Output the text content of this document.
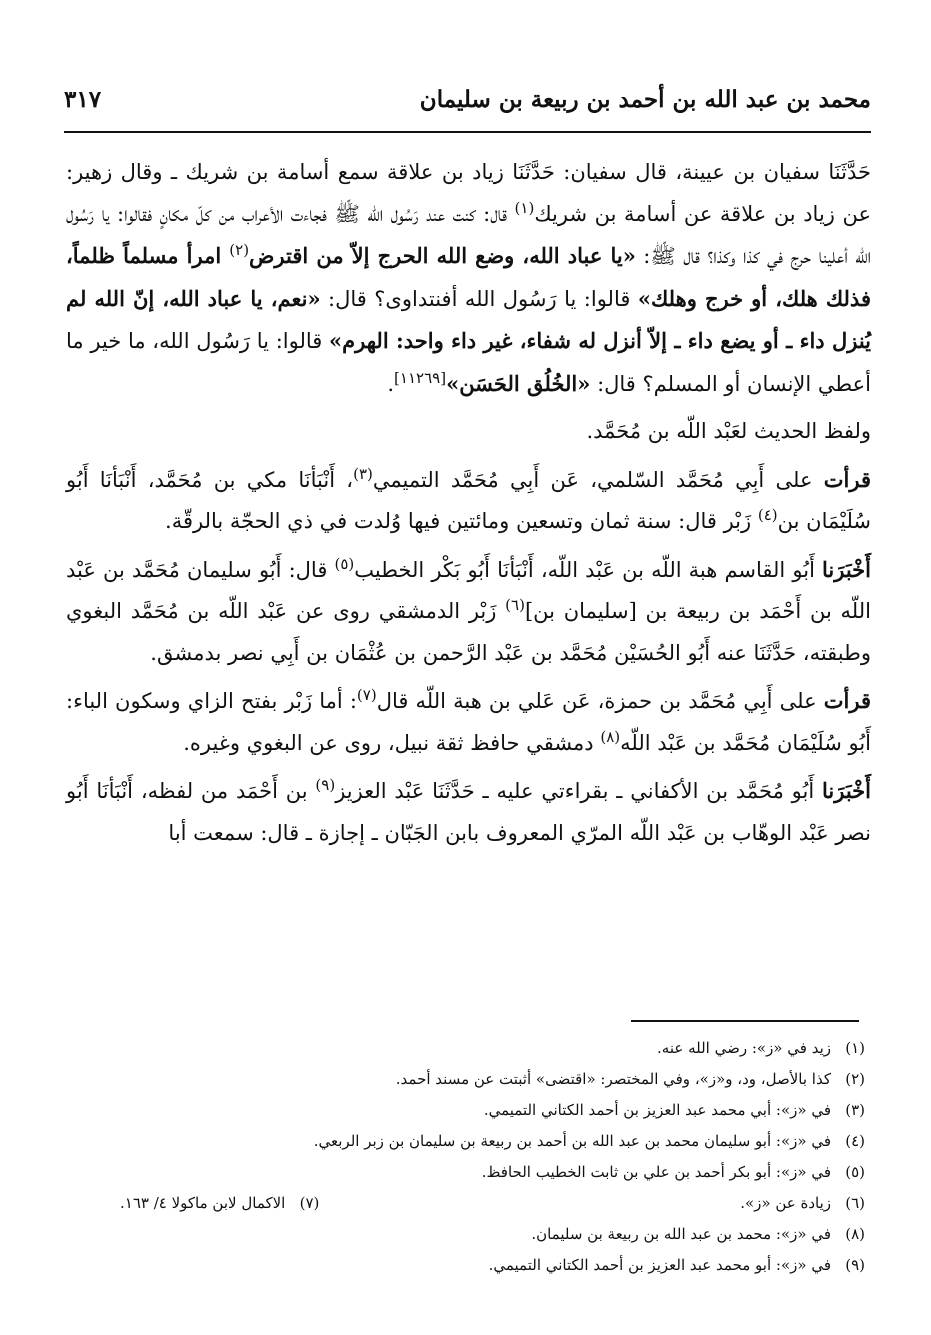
محمد بن عبد الله بن أحمد بن ربيعة بن سليمان
٣١٧

حَدَّثَنَا سفيان بن عيينة، قال سفيان: حَدَّثَنَا زياد بن علاقة سمع أسامة بن شريك ـ وقال زهير: عن زياد بن علاقة عن أسامة بن شريك$^{(١)}$ قال: كنت عند رَسُول الله ﷺ فجاءت الأعراب من كلّ مكانٍ فقالوا: يا رَسُول الله أعلينا حرج في كذا وكذا؟ قال ﷺ: «يا عباد الله، وضع الله الحرج إلاّ من اقترض$^{(٢)}$ امرأ مسلماً ظلماً، فذلك هلك، أو خرج وهلك» قالوا: يا رَسُول الله أفنتداوى؟ قال: «نعم، يا عباد الله، إنّ الله لم يُنزل داء ـ أو يضع داء ـ إلاّ أنزل له شفاء، غير داء واحد: الهرم» قالوا: يا رَسُول الله، ما خير ما أعطي الإنسان أو المسلم؟ قال: «الخُلُق الحَسَن»[١١٢٦٩].

ولفظ الحديث لعَبْد اللّه بن مُحَمَّد.

قرأت على أَبِي مُحَمَّد السّلمي، عَن أَبِي مُحَمَّد التميمي$^{(٣)}$، أَنْبَأنَا مكي بن مُحَمَّد، أَنْبَأنَا أَبُو سُلَيْمَان بن$^{(٤)}$ زَبْر قال: سنة ثمان وتسعين ومائتين فيها وُلدت في ذي الحجّة بالرقّة.

أَخْبَرَنا أَبُو القاسم هبة اللّه بن عَبْد اللّه، أَنْبَأنَا أَبُو بَكْر الخطيب$^{(٥)}$ قال: أَبُو سليمان مُحَمَّد بن عَبْد اللّه بن أَحْمَد بن ربيعة بن [سليمان بن]$^{(٦)}$ زَبْر الدمشقي روى عن عَبْد اللّه بن مُحَمَّد البغوي وطبقته، حَدَّثَنَا عنه أَبُو الحُسَيْن مُحَمَّد بن عَبْد الرَّحمن بن عُثْمَان بن أَبِي نصر بدمشق.

قرأت على أَبِي مُحَمَّد بن حمزة، عَن عَلي بن هبة اللّه قال$^{(٧)}$: أما زَبْر بفتح الزاي وسكون الباء: أَبُو سُلَيْمَان مُحَمَّد بن عَبْد اللّه$^{(٨)}$ دمشقي حافظ ثقة نبيل، روى عن البغوي وغيره.

أَخْبَرَنا أَبُو مُحَمَّد بن الأكفاني ـ بقراءتي عليه ـ حَدَّثَنَا عَبْد العزيز$^{(٩)}$ بن أَحْمَد من لفظه، أَنْبَأنَا أَبُو نصر عَبْد الوهّاب بن عَبْد اللّه المرّي المعروف بابن الجَبّان ـ إجازة ـ قال: سمعت أبا

(١)زيد في «ز»: رضي الله عنه.
(٢)كذا بالأصل، ود، و«ز»، وفي المختصر: «اقتضى» أثبتت عن مسند أحمد.
(٣)في «ز»: أبي محمد عبد العزيز بن أحمد الكتاني التميمي.
(٤)في «ز»: أبو سليمان محمد بن عبد الله بن أحمد بن ربيعة بن سليمان بن زبر الربعي.
(٥)في «ز»: أبو بكر أحمد بن علي بن ثابت الخطيب الحافظ.
(٦)زيادة عن «ز».
(٧)الاكمال لابن ماكولا ٤/ ١٦٣.
(٨)في «ز»: محمد بن عبد الله بن ربيعة بن سليمان.
(٩)في «ز»: أبو محمد عبد العزيز بن أحمد الكتاني التميمي.
